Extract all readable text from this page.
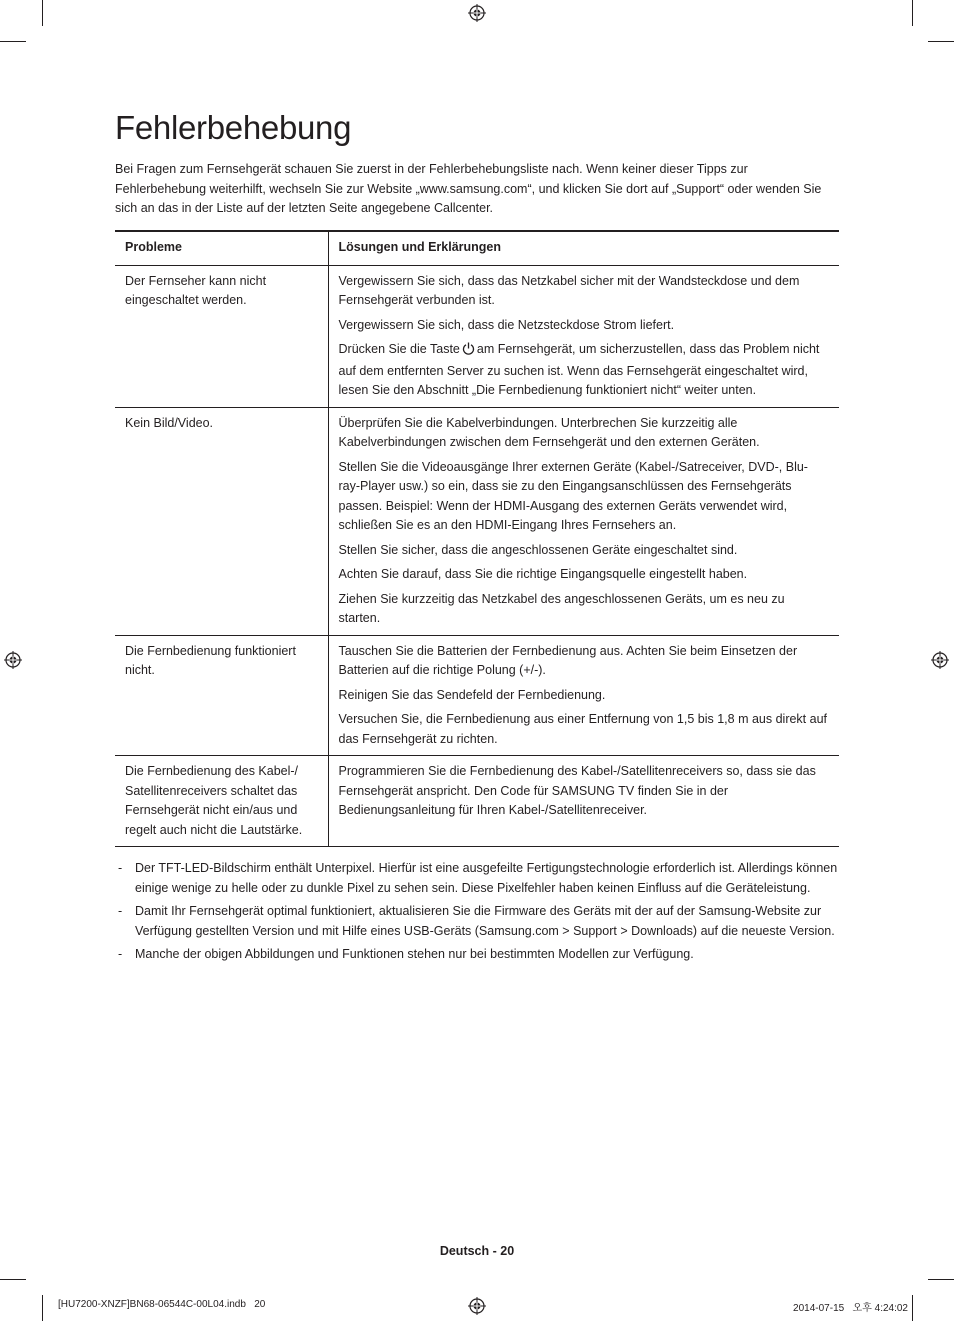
Fehlerbehebung

Bei Fragen zum Fernsehgerät schauen Sie zuerst in der Fehlerbehebungsliste nach. Wenn keiner dieser Tipps zur Fehlerbehebung weiterhilft, wechseln Sie zur Website „www.samsung.com“, und klicken Sie dort auf „Support“ oder wenden Sie sich an das in der Liste auf der letzten Seite angegebene Callcenter.

Probleme	Lösungen und Erklärungen
Der Fernseher kann nicht eingeschaltet werden.	Vergewissern Sie sich, dass das Netzkabel sicher mit der Wandsteckdose und dem Fernsehgerät verbunden ist.

Vergewissern Sie sich, dass die Netzsteckdose Strom liefert.

Drücken Sie die Taste am Fernsehgerät, um sicherzustellen, dass das Problem nicht auf dem entfernten Server zu suchen ist. Wenn das Fernsehgerät eingeschaltet wird, lesen Sie den Abschnitt „Die Fernbedienung funktioniert nicht“ weiter unten.

Kein Bild/Video.	Überprüfen Sie die Kabelverbindungen. Unterbrechen Sie kurzzeitig alle Kabelverbindungen zwischen dem Fernsehgerät und den externen Geräten.

Stellen Sie die Videoausgänge Ihrer externen Geräte (Kabel-/Satreceiver, DVD-, Blu-ray-Player usw.) so ein, dass sie zu den Eingangsanschlüssen des Fernsehgeräts passen. Beispiel: Wenn der HDMI-Ausgang des externen Geräts verwendet wird, schließen Sie es an den HDMI-Eingang Ihres Fernsehers an.

Stellen Sie sicher, dass die angeschlossenen Geräte eingeschaltet sind.

Achten Sie darauf, dass Sie die richtige Eingangsquelle eingestellt haben.

Ziehen Sie kurzzeitig das Netzkabel des angeschlossenen Geräts, um es neu zu starten.

Die Fernbedienung funktioniert nicht.	Tauschen Sie die Batterien der Fernbedienung aus. Achten Sie beim Einsetzen der Batterien auf die richtige Polung (+/-).

Reinigen Sie das Sendefeld der Fernbedienung.

Versuchen Sie, die Fernbedienung aus einer Entfernung von 1,5 bis 1,8 m aus direkt auf das Fernsehgerät zu richten.

Die Fernbedienung des Kabel-/ Satellitenreceivers schaltet das Fernsehgerät nicht ein/aus und regelt auch nicht die Lautstärke.	Programmieren Sie die Fernbedienung des Kabel-/Satellitenreceivers so, dass sie das Fernsehgerät anspricht. Den Code für SAMSUNG TV finden Sie in der Bedienungsanleitung für Ihren Kabel-/Satellitenreceiver.

- Der TFT-LED-Bildschirm enthält Unterpixel. Hierfür ist eine ausgefeilte Fertigungstechnologie erforderlich ist. Allerdings können einige wenige zu helle oder zu dunkle Pixel zu sehen sein. Diese Pixelfehler haben keinen Einfluss auf die Geräteleistung.
- Damit Ihr Fernsehgerät optimal funktioniert, aktualisieren Sie die Firmware des Geräts mit der auf der Samsung-Website zur Verfügung gestellten Version und mit Hilfe eines USB-Geräts (Samsung.com > Support > Downloads) auf die neueste Version.
- Manche der obigen Abbildungen und Funktionen stehen nur bei bestimmten Modellen zur Verfügung.
Deutsch - 20
[HU7200-XNZF]BN68-06544C-00L04.indb   20	2014-07-15   오후 4:24:02
